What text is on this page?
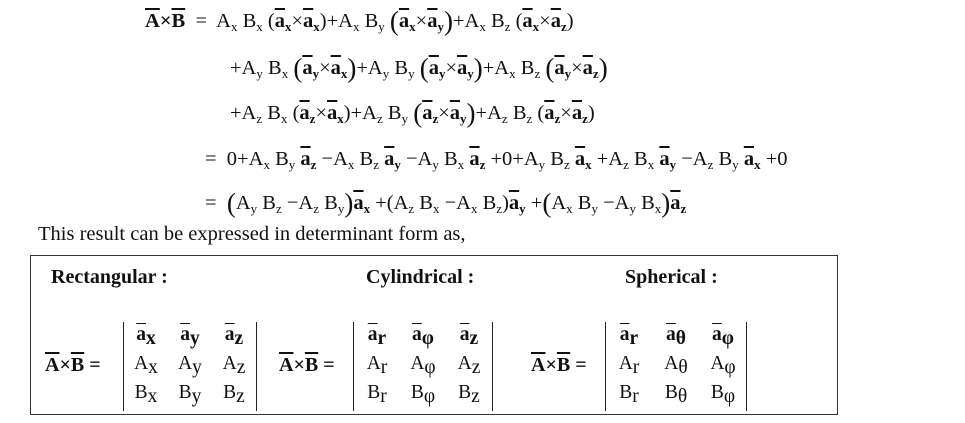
$\overline{A}\times\overline{B} = A_x$ $B_x$ $(\overline{a}_x\times\overline{a}_x)+A_x$ $B_y$ $(\overline{a}_x\times\overline{a}_y)+A_x$ $B_z$ $(\overline{a}_x\times\overline{a}_z)$
$+A_y$ $B_x$ $(\overline{a}_y\times\overline{a}_x)+A_y$ $B_y$ $(\overline{a}_y\times\overline{a}_y)+A_x$ $B_z$ $(\overline{a}_y\times\overline{a}_z)$
$+A_z$ $B_x$ $(\overline{a}_z\times\overline{a}_x)+A_z$ $B_y$ $(\overline{a}_z\times\overline{a}_y)+A_z$ $B_z$ $(\overline{a}_z\times\overline{a}_z)$
=  $0+A_x$ $B_y$ $\overline{a}_z -A_x$ $B_z$ $\overline{a}_y -A_y$ $B_x$ $\overline{a}_z +0+A_y$ $B_z$ $\overline{a}_x +A_z$ $B_x$ $\overline{a}_y -A_z$ $B_y$ $\overline{a}_x +0$
=  ($A_y$ $B_z -A_z$ $B_y)\overline{a}_x +(A_z$ $B_x -A_x$ $B_z)\overline{a}_y +(A_x$ $B_y -A_y$ $B_x)\overline{a}_z$
This result can be expressed in determinant form as,
Rectangular :	Cylindrical :	Spherical :
$\overline{A}\times\overline{B}$ =
$\overline{a}x$	$\overline{a}y$	$\overline{a}z$
Ax	Ay	Az
Bx	By	Bz
$\overline{A}\times\overline{B}$ =
$\overline{a}r$	$\overline{a}\varphi$	$\overline{a}z$
Ar	Aφ	Az
Br	Bφ	Bz
$\overline{A}\times\overline{B}$ =
$\overline{a}r$	$\overline{a}\theta$	$\overline{a}\varphi$
Ar	Aθ	Aφ
Br	Bθ	Bφ
